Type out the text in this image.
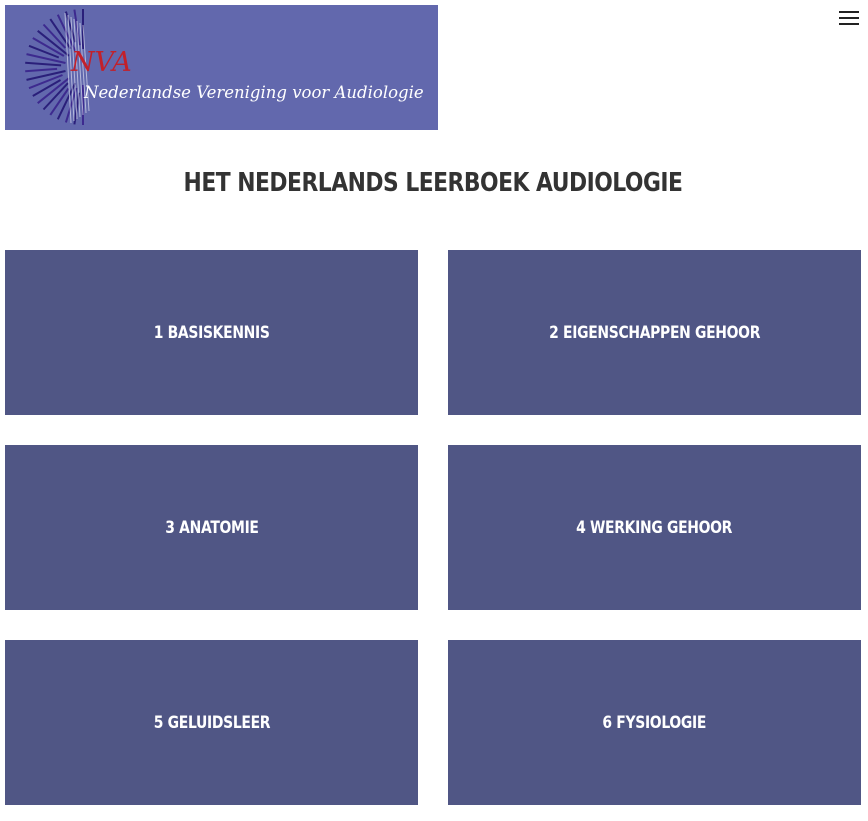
NVA
Nederlandse Vereniging voor Audiologie
HET NEDERLANDS LEERBOEK AUDIOLOGIE
1 BASISKENNIS	2 EIGENSCHAPPEN GEHOOR
3 ANATOMIE	4 WERKING GEHOOR
5 GELUIDSLEER	6 FYSIOLOGIE
